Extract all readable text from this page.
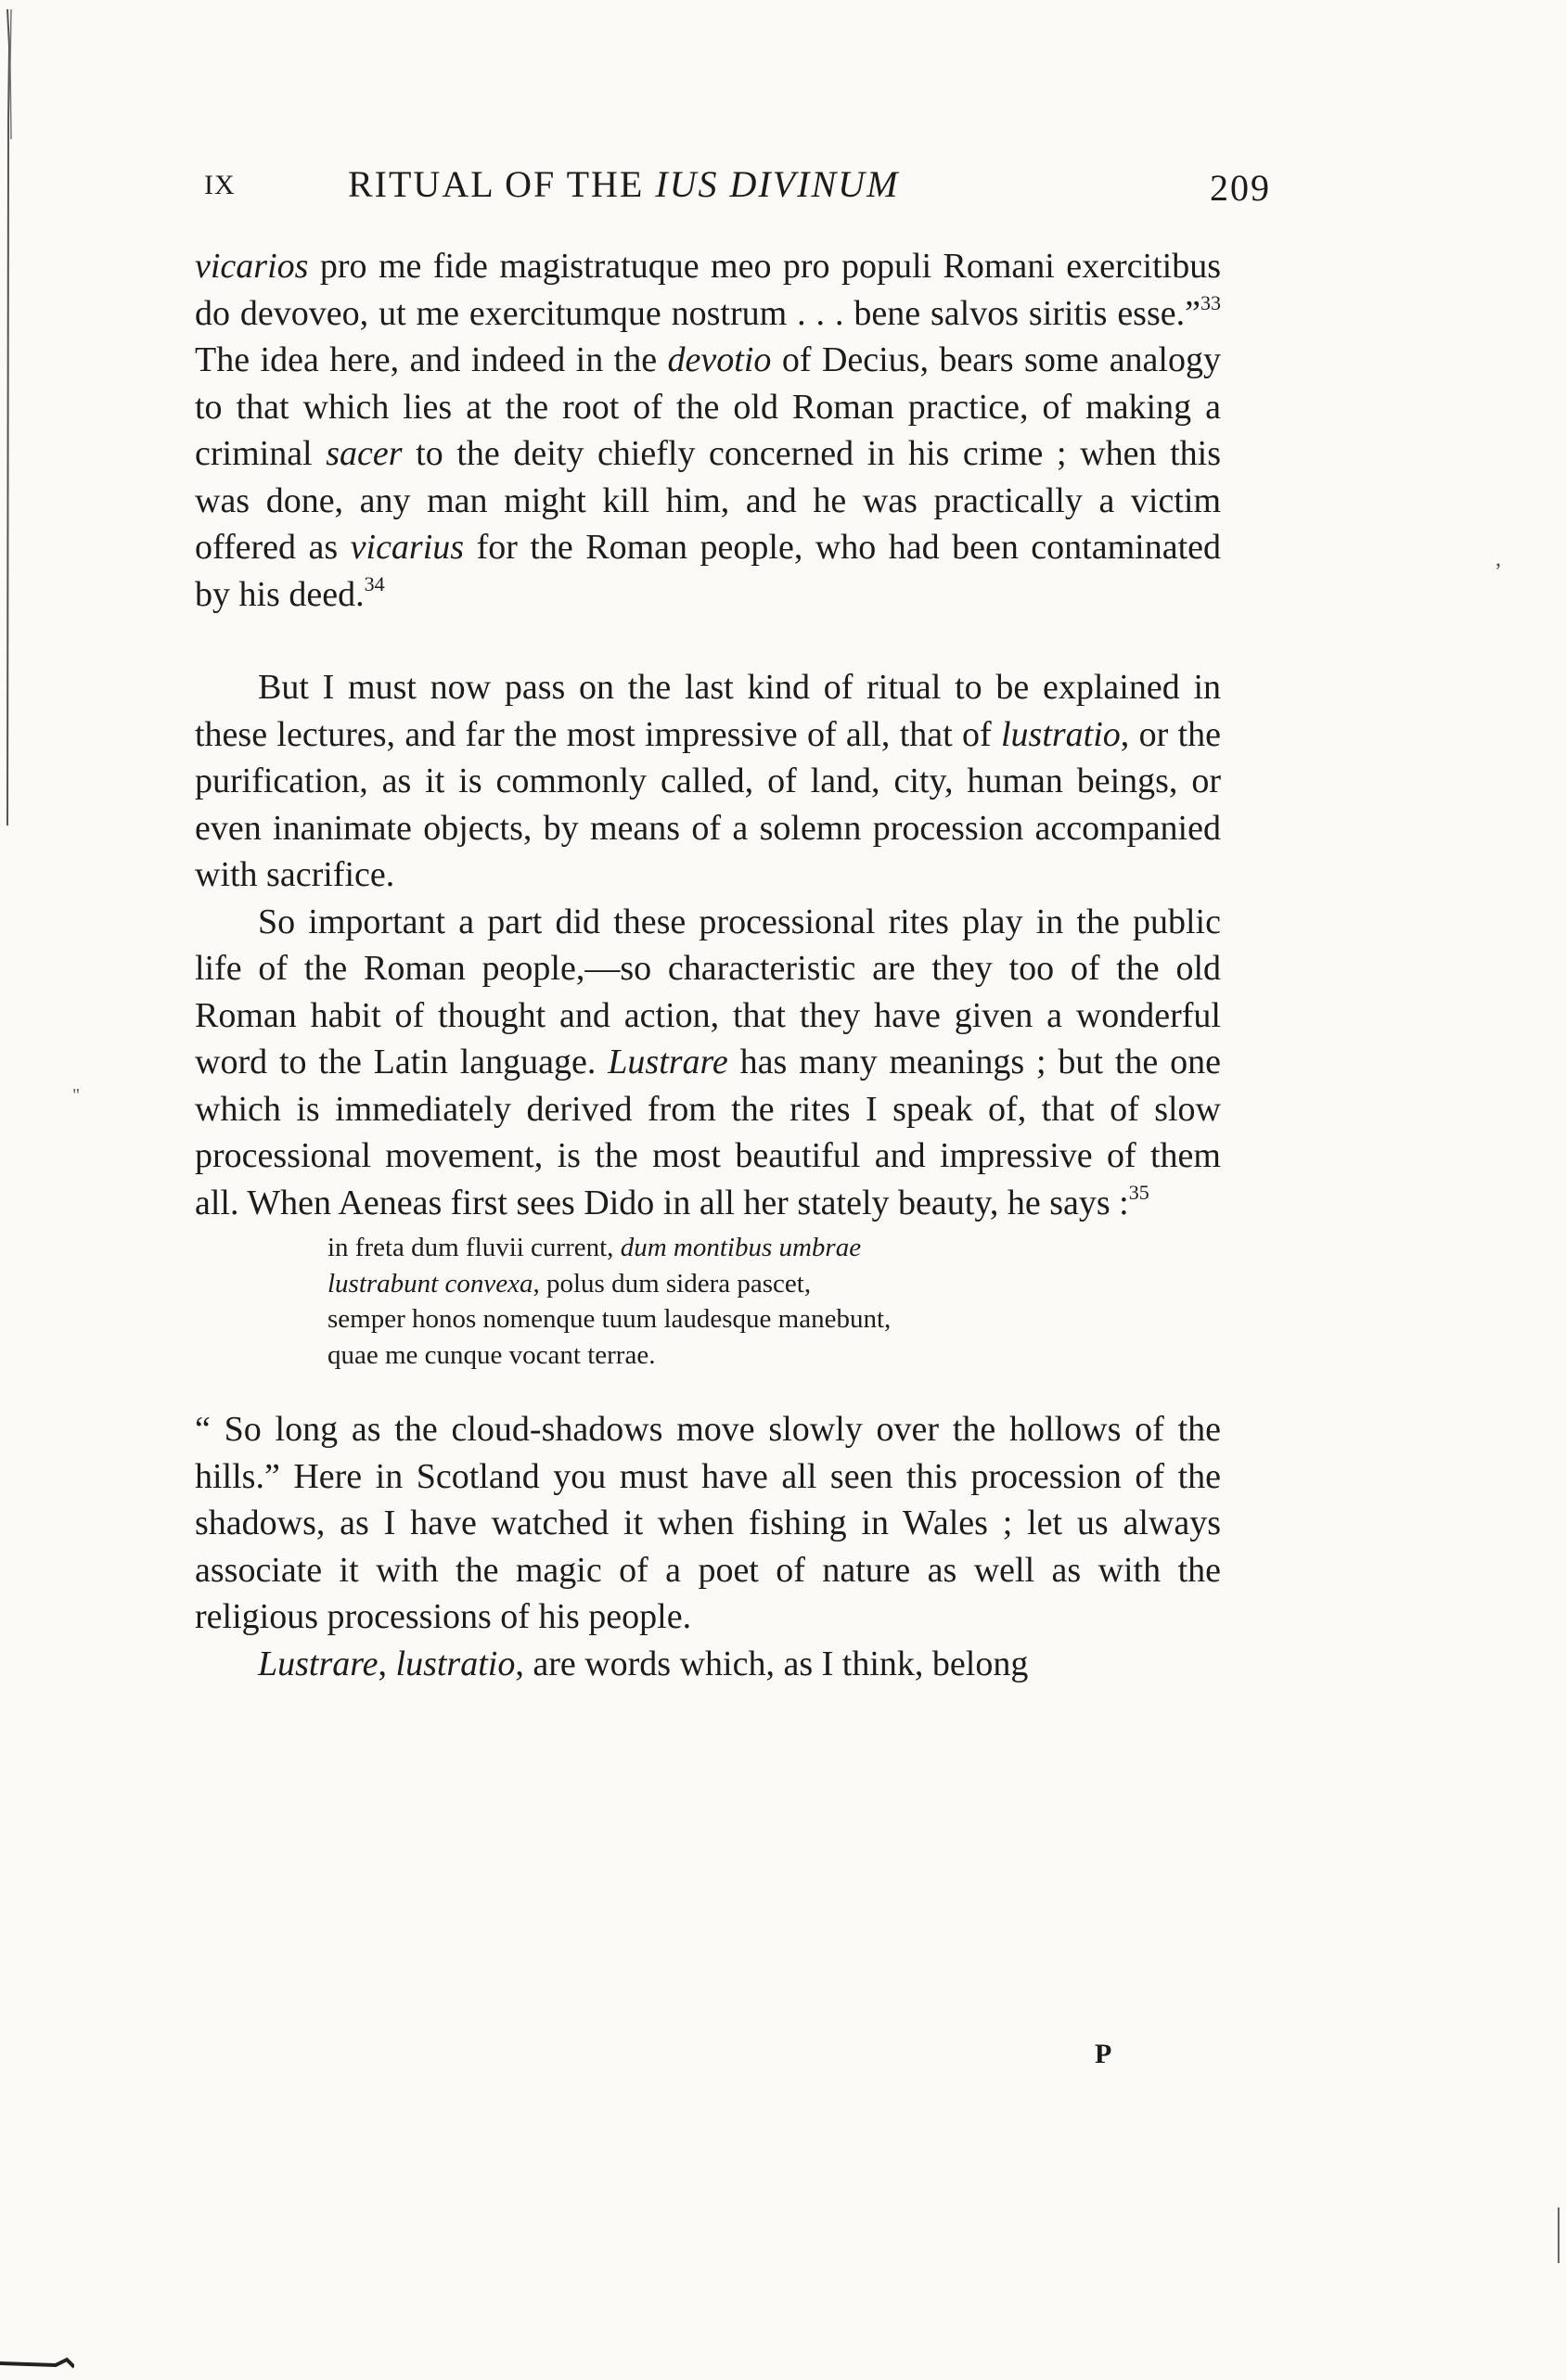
IX	RITUAL OF THE IUS DIVINUM	209

vicarios pro me fide magistratuque meo pro populi Romani exercitibus do devoveo, ut me exercitumque nostrum . . . bene salvos siritis esse.”$^{33}$ The idea here, and indeed in the devotio of Decius, bears some analogy to that which lies at the root of the old Roman practice, of making a criminal sacer to the deity chiefly concerned in his crime ; when this was done, any man might kill him, and he was practically a victim offered as vicarius for the Roman people, who had been contaminated by his deed.$^{34}$

But I must now pass on the last kind of ritual to be explained in these lectures, and far the most impressive of all, that of lustratio, or the purification, as it is commonly called, of land, city, human beings, or even inanimate objects, by means of a solemn procession accompanied with sacrifice.

So important a part did these processional rites play in the public life of the Roman people,—so characteristic are they too of the old Roman habit of thought and action, that they have given a wonderful word to the Latin language. Lustrare has many meanings ; but the one which is immediately derived from the rites I speak of, that of slow processional movement, is the most beautiful and impressive of them all. When Aeneas first sees Dido in all her stately beauty, he says :$^{35}$

in freta dum fluvii current, dum montibus umbrae
lustrabunt convexa, polus dum sidera pascet,
semper honos nomenque tuum laudesque manebunt,
quae me cunque vocant terrae.

“ So long as the cloud-shadows move slowly over the hollows of the hills.” Here in Scotland you must have all seen this procession of the shadows, as I have watched it when fishing in Wales ; let us always associate it with the magic of a poet of nature as well as with the religious processions of his people.

Lustrare, lustratio, are words which, as I think, belong

P
,
"
